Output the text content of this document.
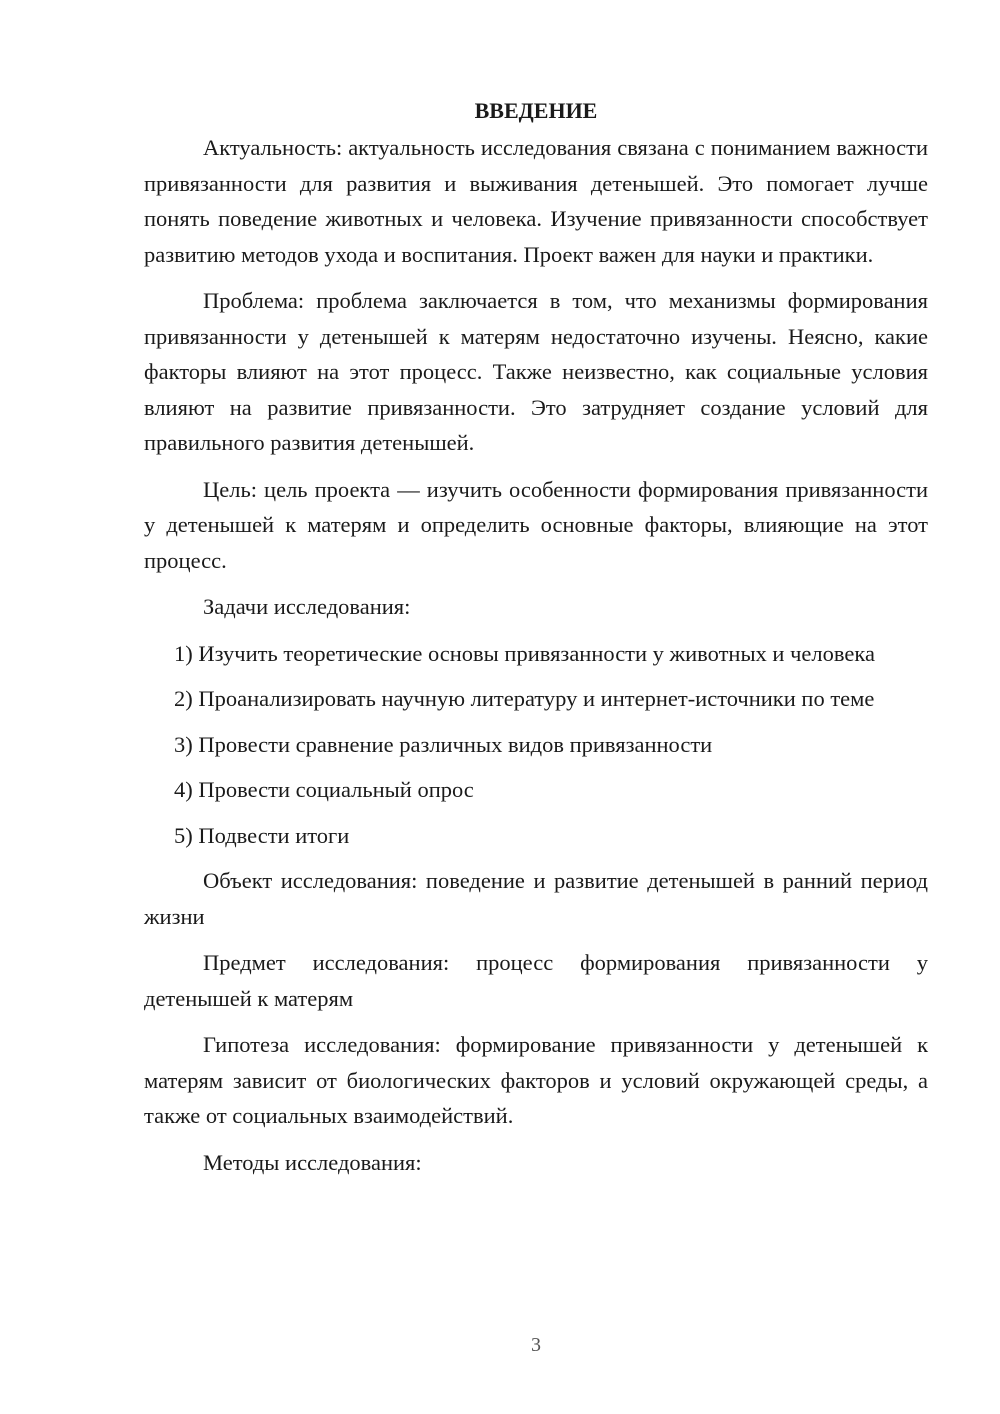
ВВЕДЕНИЕ

Актуальность: актуальность исследования связана с пониманием важности привязанности для развития и выживания детенышей. Это помогает лучше понять поведение животных и человека. Изучение привязанности способствует развитию методов ухода и воспитания. Проект важен для науки и практики.

Проблема: проблема заключается в том, что механизмы формирования привязанности у детенышей к матерям недостаточно изучены. Неясно, какие факторы влияют на этот процесс. Также неизвестно, как социальные условия влияют на развитие привязанности. Это затрудняет создание условий для правильного развития детенышей.

Цель: цель проекта — изучить особенности формирования привязанности у детенышей к матерям и определить основные факторы, влияющие на этот процесс.

Задачи исследования:

1) Изучить теоретические основы привязанности у животных и человека
2) Проанализировать научную литературу и интернет-источники по теме
3) Провести сравнение различных видов привязанности
4) Провести социальный опрос
5) Подвести итоги

Объект исследования: поведение и развитие детенышей в ранний период жизни

Предмет исследования: процесс формирования привязанности у детенышей к матерям

Гипотеза исследования: формирование привязанности у детенышей к матерям зависит от биологических факторов и условий окружающей среды, а также от социальных взаимодействий.

Методы исследования:

3
